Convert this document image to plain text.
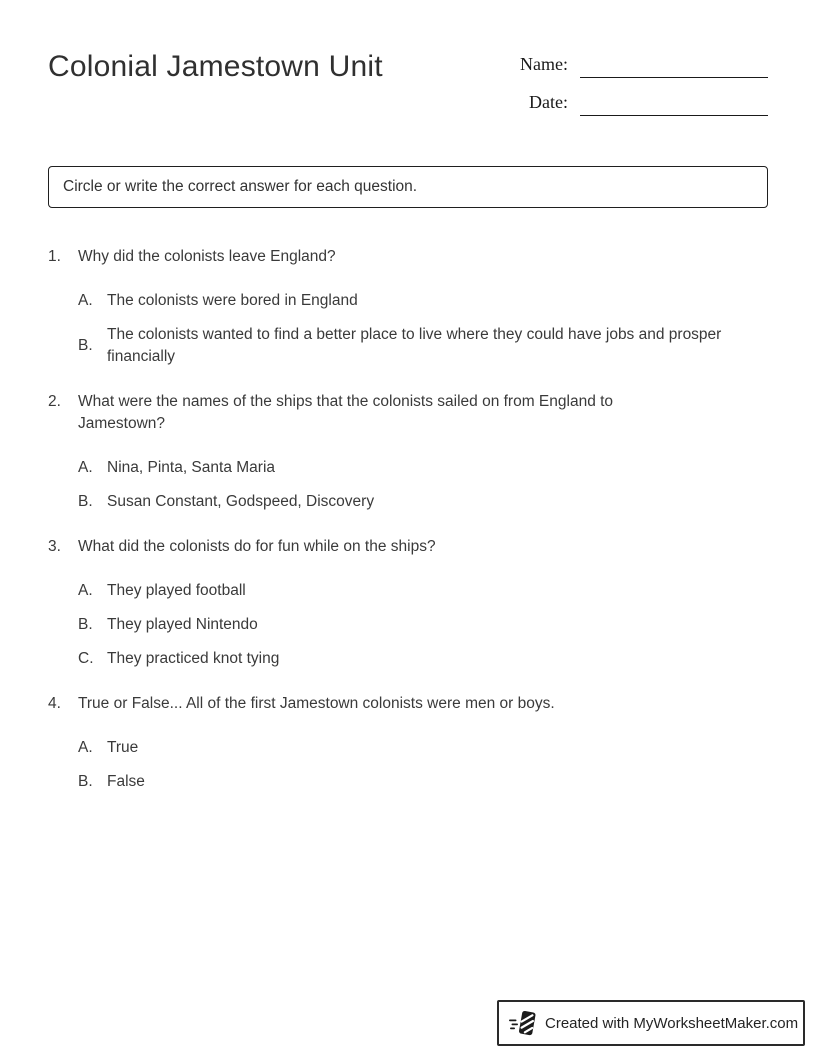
Colonial Jamestown Unit	Name:
Date:
Circle or write the correct answer for each question.
1.	Why did the colonists leave England?
A. The colonists were bored in England
B.
The colonists wanted to find a better place to live where they could have jobs and prosper financially
2.	What were the names of the ships that the colonists sailed on from England to Jamestown?
A. Nina, Pinta, Santa Maria
B. Susan Constant, Godspeed, Discovery
3.	What did the colonists do for fun while on the ships?
A. They played football
B. They played Nintendo
C. They practiced knot tying
4.	True or False... All of the first Jamestown colonists were men or boys.
A. True
B. False
Created with MyWorksheetMaker.com
